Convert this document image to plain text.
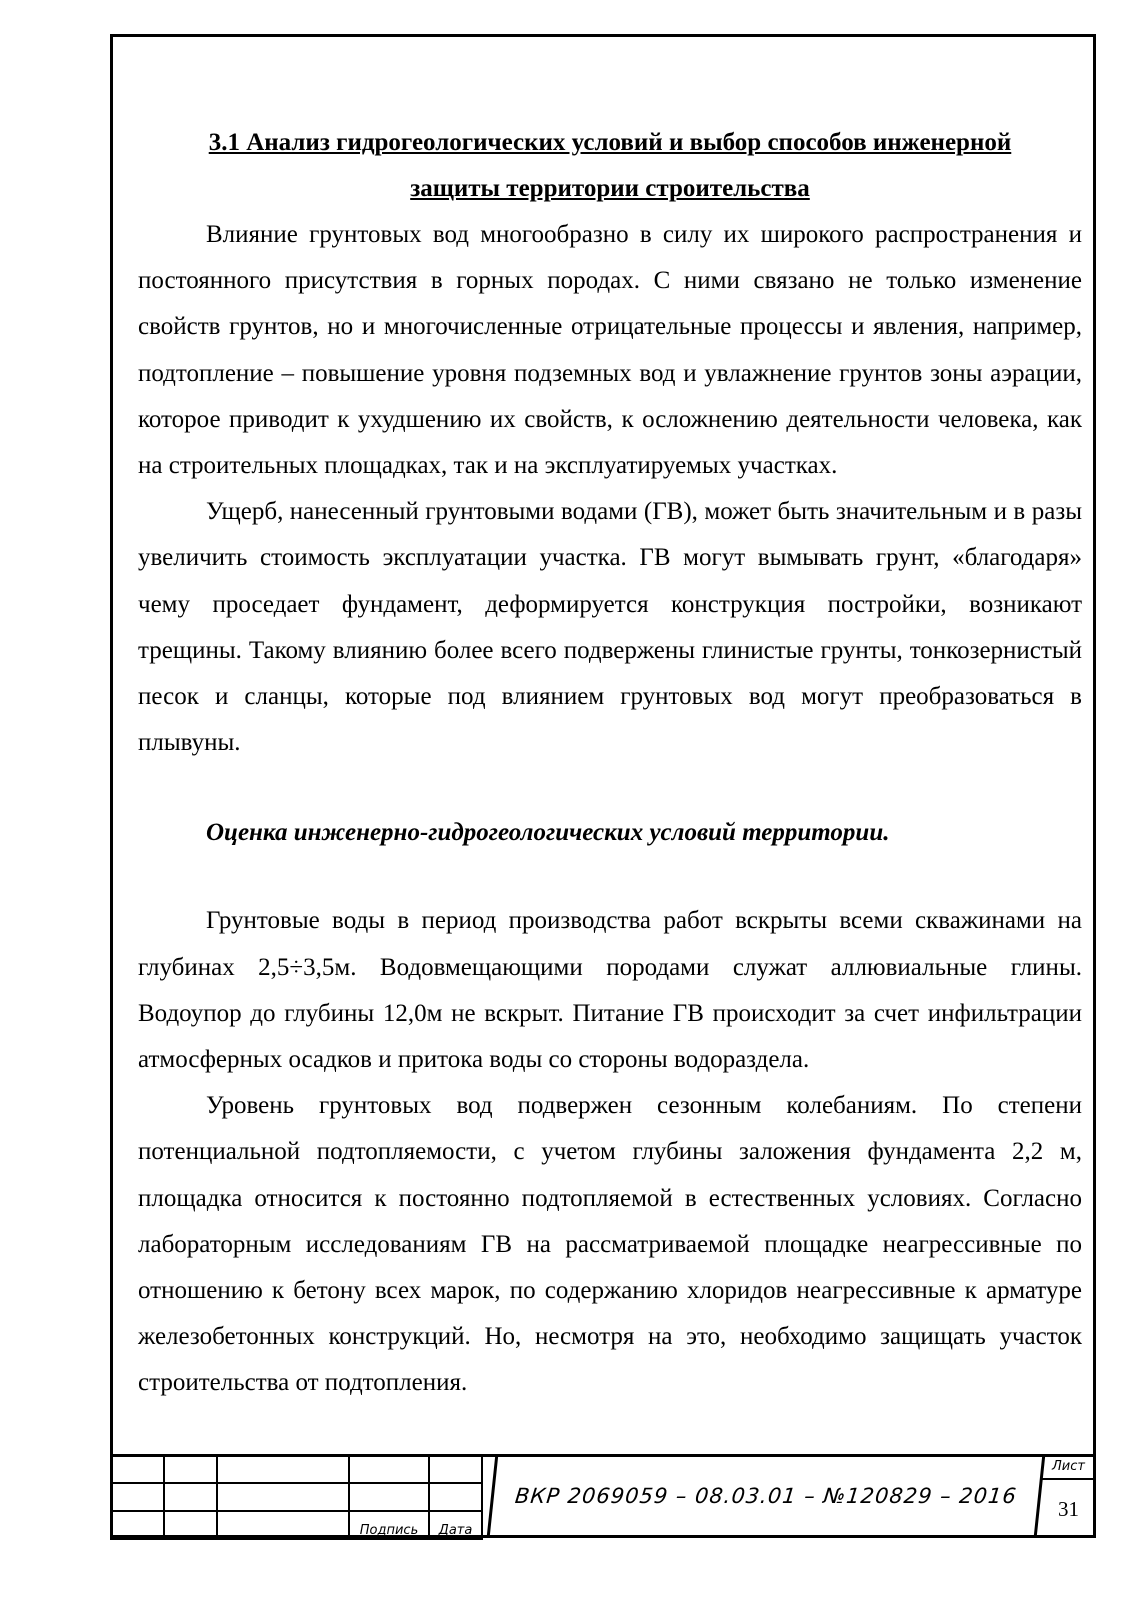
3.1 Анализ гидрогеологических условий и выбор способов инженерной

защиты территории строительства

Влияние грунтовых вод многообразно в силу их широкого распространения и постоянного присутствия в горных породах. С ними связано не только изменение свойств грунтов, но и многочисленные отрицательные процессы и явления, например, подтопление – повышение уровня подземных вод и увлажнение грунтов зоны аэрации, которое приводит к ухудшению их свойств, к осложнению деятельности человека, как на строительных площадках, так и на эксплуатируемых участках.

Ущерб, нанесенный грунтовыми водами (ГВ), может быть значительным и в разы увеличить стоимость эксплуатации участка. ГВ могут вымывать грунт, «благодаря» чему проседает фундамент, деформируется конструкция постройки, возникают трещины. Такому влиянию более всего подвержены глинистые грунты, тонкозернистый песок и сланцы, которые под влиянием грунтовых вод могут преобразоваться в плывуны.

Оценка инженерно-гидрогеологических условий территории.

Грунтовые воды в период производства работ вскрыты всеми скважинами на глубинах 2,5÷3,5м. Водовмещающими породами служат аллювиальные глины. Водоупор до глубины 12,0м не вскрыт. Питание ГВ происходит за счет инфильтрации атмосферных осадков и притока воды со стороны водораздела.

Уровень грунтовых вод подвержен сезонным колебаниям. По степени потенциальной подтопляемости, с учетом глубины заложения фундамента 2,2 м, площадка относится к постоянно подтопляемой в естественных условиях. Согласно лабораторным исследованиям ГВ на рассматриваемой площадке неагрессивные по отношению к бетону всех марок, по содержанию хлоридов неагрессивные к арматуре железобетонных конструкций. Но, несмотря на это, необходимо защищать участок строительства от подтопления.

			Подпись	Дата
ВКР 2069059 – 08.03.01 – №120829 – 2016
Лист
31
